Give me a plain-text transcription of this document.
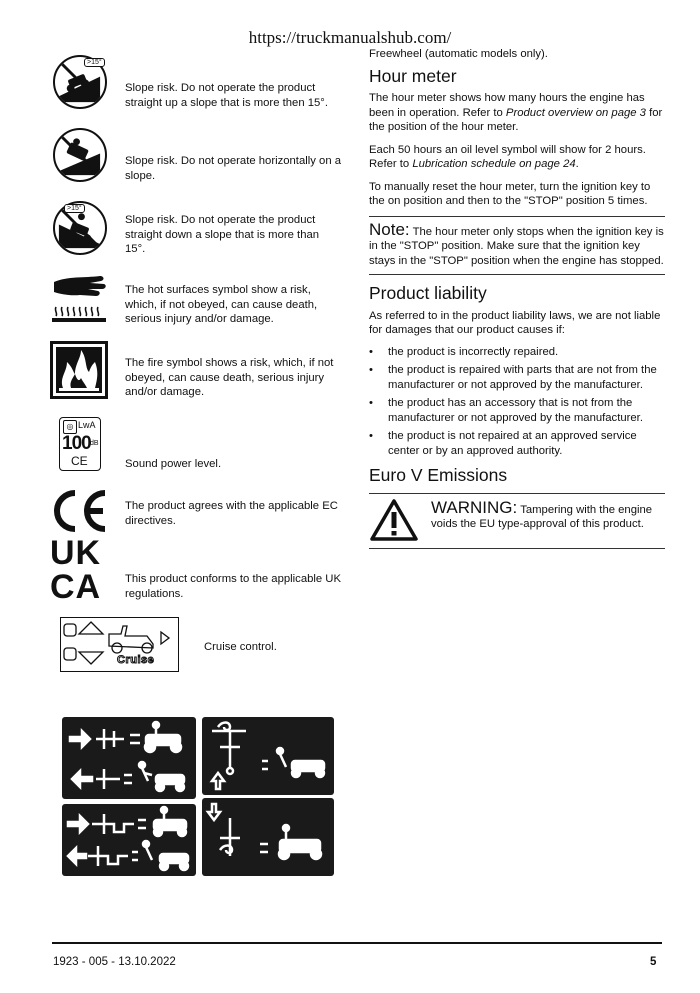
https://truckmanualshub.com/
>15°
Slope risk. Do not operate the product straight up a slope that is more then 15°.
Slope risk. Do not operate horizontally on a slope.
>15°
Slope risk. Do not operate the product straight down a slope that is more than 15°.
The hot surfaces symbol show a risk, which, if not obeyed, can cause death, serious injury and/or damage.
The fire symbol shows a risk, which, if not obeyed, can cause death, serious injury and/or damage.
◎ LᴡA
100 dB
CE	Sound power level.
The product agrees with the applicable EC directives.
UK
CA This product conforms to the applicable UK regulations.
Cruise
Cruise control.

Freewheel (automatic models only).

Hour meter

The hour meter shows how many hours the engine has been in operation. Refer to Product overview on page 3 for the position of the hour meter.

Each 50 hours an oil level symbol will show for 2 hours. Refer to Lubrication schedule on page 24.

To manually reset the hour meter, turn the ignition key to the on position and then to the "STOP" position 5 times.

Note: The hour meter only stops when the ignition key is in the "STOP" position. Make sure that the ignition key stays in the "STOP" position when the engine has stopped.

Product liability

As referred to in the product liability laws, we are not liable for damages that our product causes if:

• the product is incorrectly repaired.
• the product is repaired with parts that are not from the manufacturer or not approved by the manufacturer.
• the product has an accessory that is not from the manufacturer or not approved by the manufacturer.
• the product is not repaired at an approved service center or by an approved authority.
Euro V Emissions

WARNING: Tampering with the engine voids the EU type-approval of this product.

1923 - 005 - 13.10.2022	5
